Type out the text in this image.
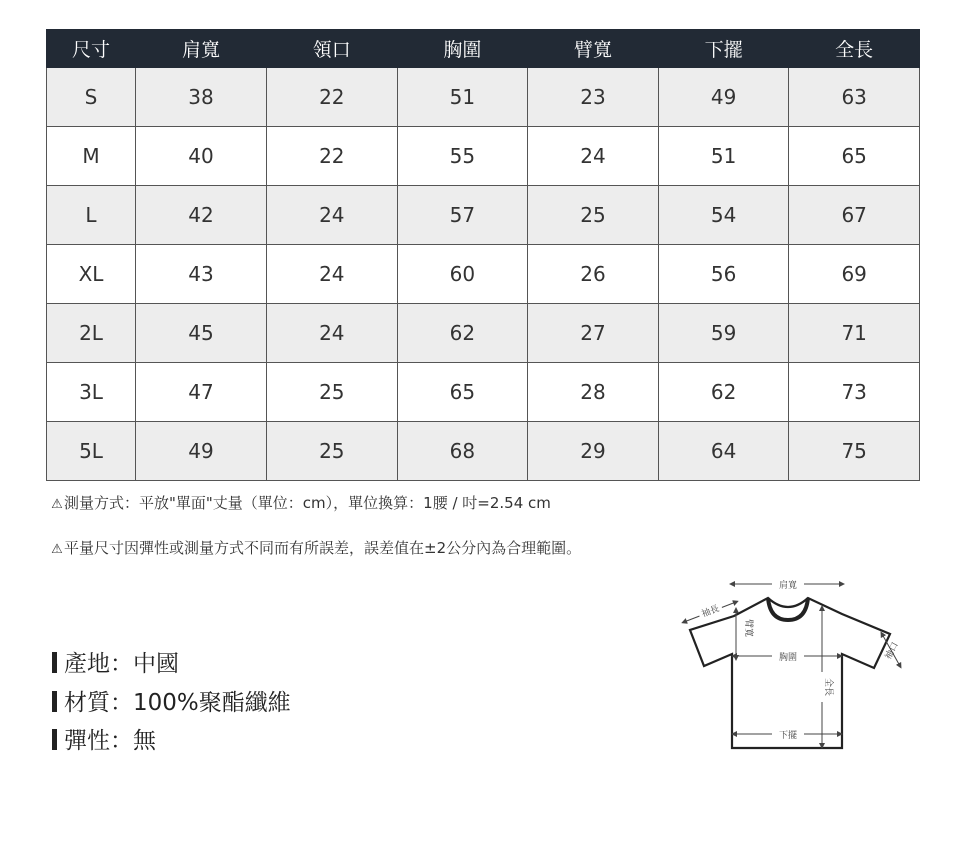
尺寸	肩寬	領口	胸圍	臂寬	下擺	全長
S	38	22	51	23	49	63
M	40	22	55	24	51	65
L	42	24	57	25	54	67
XL	43	24	60	26	56	69
2L	45	24	62	27	59	71
3L	47	25	65	28	62	73
5L	49	25	68	29	64	75
⚠測量方式：平放"單面"丈量（單位：cm），單位換算：1腰 / 吋=2.54 cm
⚠平量尺寸因彈性或測量方式不同而有所誤差，誤差值在±2公分內為合理範圍。
產地：中國
材質：100%聚酯纖維
彈性：無
肩寬
袖長
臂寬
胸圍
全長
下擺
袖口
